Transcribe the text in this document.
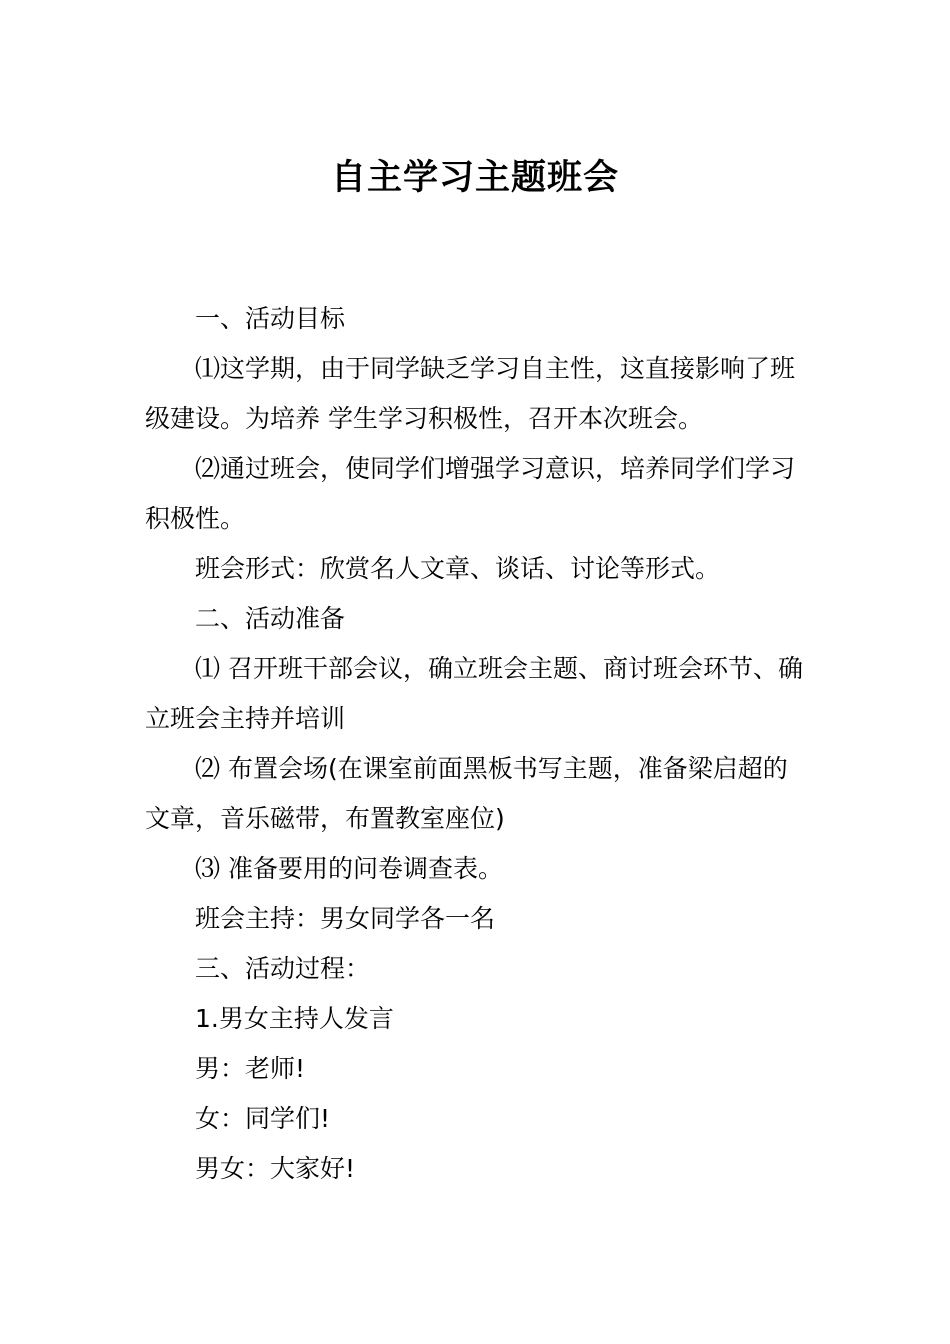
自主学习主题班会

一、活动目标

⑴这学期，由于同学缺乏学习自主性，这直接影响了班级建设。为培养 学生学习积极性，召开本次班会。

⑵通过班会，使同学们增强学习意识，培养同学们学习积极性。

班会形式：欣赏名人文章、谈话、讨论等形式。

二、活动准备

⑴ 召开班干部会议，确立班会主题、商讨班会环节、确立班会主持并培训

⑵ 布置会场(在课室前面黑板书写主题，准备梁启超的文章，音乐磁带，布置教室座位)

⑶ 准备要用的问卷调查表。

班会主持：男女同学各一名

三、活动过程：

1.男女主持人发言

男：老师!

女：同学们!

男女：大家好!
